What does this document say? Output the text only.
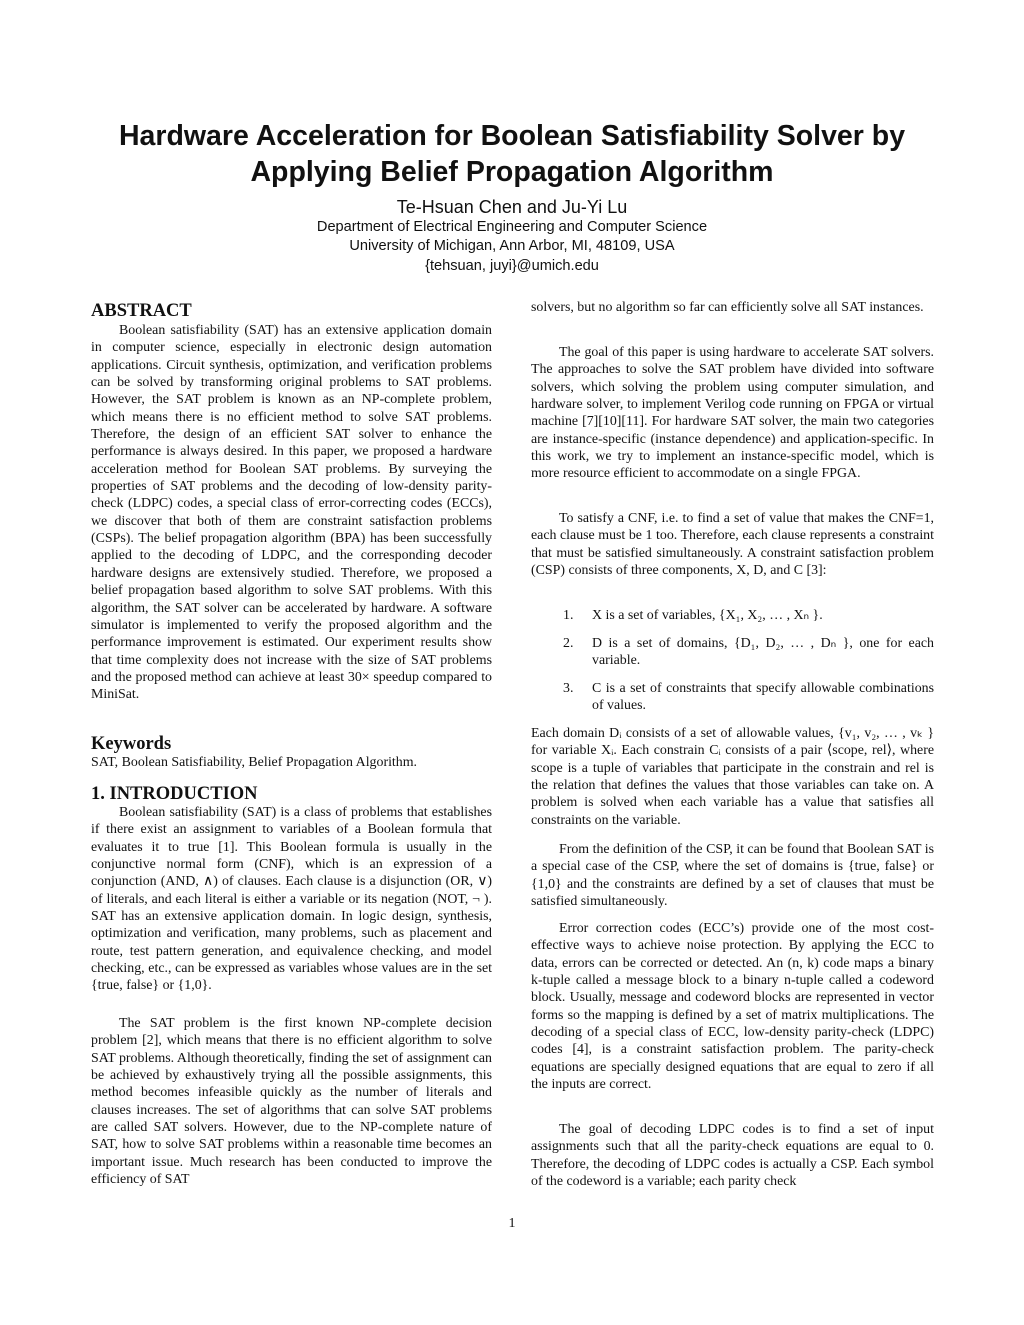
Hardware Acceleration for Boolean Satisfiability Solver by
Applying Belief Propagation Algorithm
Te-Hsuan Chen and Ju-Yi Lu
Department of Electrical Engineering and Computer Science
University of Michigan, Ann Arbor, MI, 48109, USA
{tehsuan, juyi}@umich.edu
ABSTRACT

Boolean satisfiability (SAT) has an extensive application domain in computer science, especially in electronic design automation applications. Circuit synthesis, optimization, and verification problems can be solved by transforming original problems to SAT problems. However, the SAT problem is known as an NP-complete problem, which means there is no efficient method to solve SAT problems. Therefore, the design of an efficient SAT solver to enhance the performance is always desired. In this paper, we proposed a hardware acceleration method for Boolean SAT problems. By surveying the properties of SAT problems and the decoding of low-density parity-check (LDPC) codes, a special class of error-correcting codes (ECCs), we discover that both of them are constraint satisfaction problems (CSPs). The belief propagation algorithm (BPA) has been successfully applied to the decoding of LDPC, and the corresponding decoder hardware designs are extensively studied. Therefore, we proposed a belief propagation based algorithm to solve SAT problems. With this algorithm, the SAT solver can be accelerated by hardware. A software simulator is implemented to verify the proposed algorithm and the performance improvement is estimated. Our experiment results show that time complexity does not increase with the size of SAT problems and the proposed method can achieve at least 30× speedup compared to MiniSat.

Keywords

SAT, Boolean Satisfiability, Belief Propagation Algorithm.

1. INTRODUCTION

Boolean satisfiability (SAT) is a class of problems that establishes if there exist an assignment to variables of a Boolean formula that evaluates it to true [1]. This Boolean formula is usually in the conjunctive normal form (CNF), which is an expression of a conjunction (AND, ∧) of clauses. Each clause is a disjunction (OR, ∨) of literals, and each literal is either a variable or its negation (NOT, ¬ ). SAT has an extensive application domain. In logic design, synthesis, optimization and verification, many problems, such as placement and route, test pattern generation, and equivalence checking, and model checking, etc., can be expressed as variables whose values are in the set {true, false} or {1,0}.

The SAT problem is the first known NP-complete decision problem [2], which means that there is no efficient algorithm to solve SAT problems. Although theoretically, finding the set of assignment can be achieved by exhaustively trying all the possible assignments, this method becomes infeasible quickly as the number of literals and clauses increases. The set of algorithms that can solve SAT problems are called SAT solvers. However, due to the NP-complete nature of SAT, how to solve SAT problems within a reasonable time becomes an important issue. Much research has been conducted to improve the efficiency of SAT

solvers, but no algorithm so far can efficiently solve all SAT instances.

The goal of this paper is using hardware to accelerate SAT solvers. The approaches to solve the SAT problem have divided into software solvers, which solving the problem using computer simulation, and hardware solver, to implement Verilog code running on FPGA or virtual machine [7][10][11]. For hardware SAT solver, the main two categories are instance-specific (instance dependence) and application-specific. In this work, we try to implement an instance-specific model, which is more resource efficient to accommodate on a single FPGA.

To satisfy a CNF, i.e. to find a set of value that makes the CNF=1, each clause must be 1 too. Therefore, each clause represents a constraint that must be satisfied simultaneously. A constraint satisfaction problem (CSP) consists of three components, X, D, and C [3]:

1. X is a set of variables, {X₁, X₂, … , Xₙ }.
2. D is a set of domains, {D₁, D₂, … , Dₙ }, one for each variable.
3. C is a set of constraints that specify allowable combinations of values.

Each domain Dᵢ consists of a set of allowable values, {v₁, v₂, … , vₖ } for variable Xᵢ. Each constrain Cᵢ consists of a pair ⟨scope, rel⟩, where scope is a tuple of variables that participate in the constrain and rel is the relation that defines the values that those variables can take on. A problem is solved when each variable has a value that satisfies all constraints on the variable.

From the definition of the CSP, it can be found that Boolean SAT is a special case of the CSP, where the set of domains is {true, false} or {1,0} and the constraints are defined by a set of clauses that must be satisfied simultaneously.

Error correction codes (ECC’s) provide one of the most cost-effective ways to achieve noise protection. By applying the ECC to data, errors can be corrected or detected. An (n, k) code maps a binary k-tuple called a message block to a binary n-tuple called a codeword block. Usually, message and codeword blocks are represented in vector forms so the mapping is defined by a set of matrix multiplications. The decoding of a special class of ECC, low-density parity-check (LDPC) codes [4], is a constraint satisfaction problem. The parity-check equations are specially designed equations that are equal to zero if all the inputs are correct.

The goal of decoding LDPC codes is to find a set of input assignments such that all the parity-check equations are equal to 0. Therefore, the decoding of LDPC codes is actually a CSP. Each symbol of the codeword is a variable; each parity check

1
